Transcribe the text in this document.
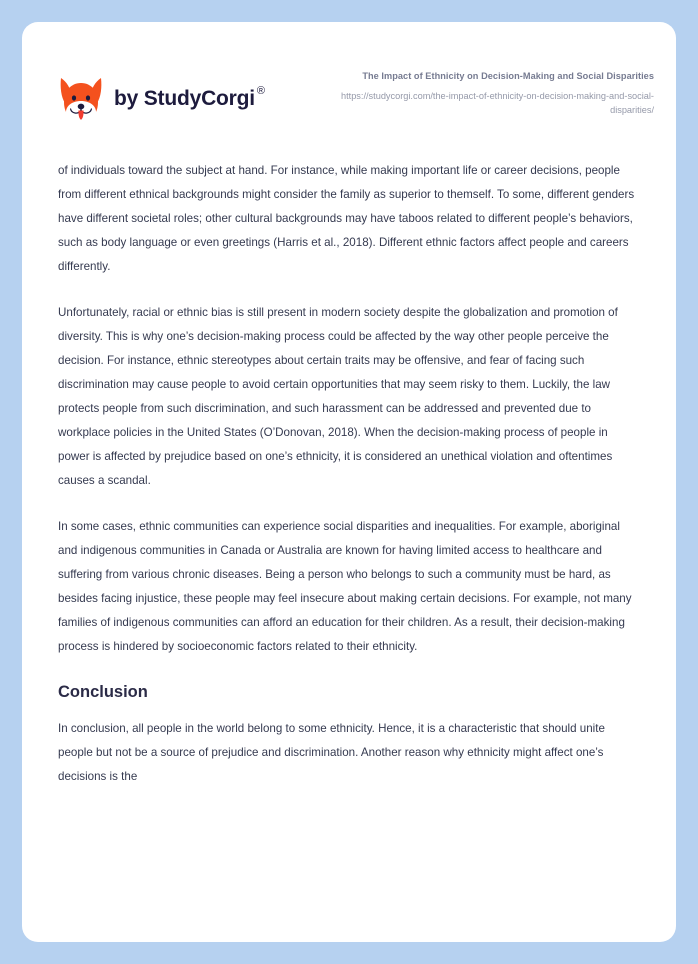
by StudyCorgi ®

The Impact of Ethnicity on Decision-Making and Social Disparities

https://studycorgi.com/the-impact-of-ethnicity-on-decision-making-and-social-disparities/

of individuals toward the subject at hand. For instance, while making important life or career decisions, people from different ethnical backgrounds might consider the family as superior to themself. To some, different genders have different societal roles; other cultural backgrounds may have taboos related to different people’s behaviors, such as body language or even greetings (Harris et al., 2018). Different ethnic factors affect people and careers differently.

Unfortunately, racial or ethnic bias is still present in modern society despite the globalization and promotion of diversity. This is why one’s decision-making process could be affected by the way other people perceive the decision. For instance, ethnic stereotypes about certain traits may be offensive, and fear of facing such discrimination may cause people to avoid certain opportunities that may seem risky to them. Luckily, the law protects people from such discrimination, and such harassment can be addressed and prevented due to workplace policies in the United States (O’Donovan, 2018). When the decision-making process of people in power is affected by prejudice based on one’s ethnicity, it is considered an unethical violation and oftentimes causes a scandal.

In some cases, ethnic communities can experience social disparities and inequalities. For example, aboriginal and indigenous communities in Canada or Australia are known for having limited access to healthcare and suffering from various chronic diseases. Being a person who belongs to such a community must be hard, as besides facing injustice, these people may feel insecure about making certain decisions. For example, not many families of indigenous communities can afford an education for their children. As a result, their decision-making process is hindered by socioeconomic factors related to their ethnicity.

Conclusion

In conclusion, all people in the world belong to some ethnicity. Hence, it is a characteristic that should unite people but not be a source of prejudice and discrimination. Another reason why ethnicity might affect one’s decisions is the
